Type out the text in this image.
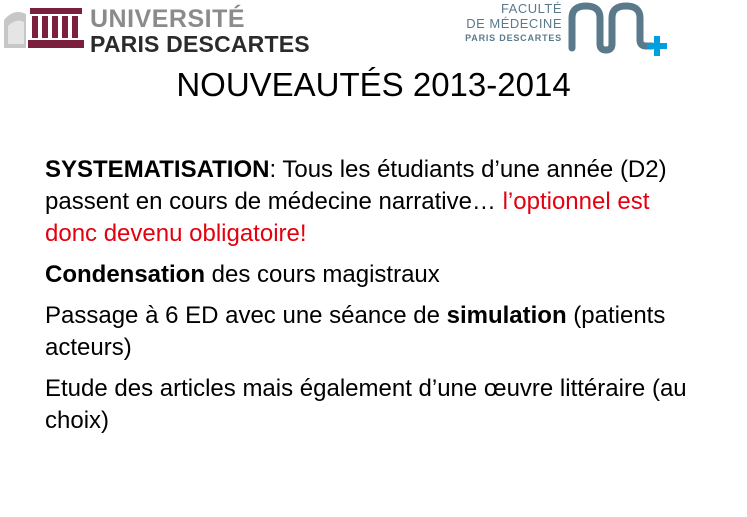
UNIVERSITÉ
PARIS DESCARTES
FACULTÉ
DE MÉDECINE
PARIS DESCARTES
NOUVEAUTÉS 2013-2014

SYSTEMATISATION: Tous les étudiants d’une année (D2) passent en cours de médecine narrative… l’optionnel est donc devenu obligatoire!

Condensation des cours magistraux

Passage à 6 ED avec une séance de simulation (patients acteurs)

Etude des articles mais également d’une œuvre littéraire (au choix)
